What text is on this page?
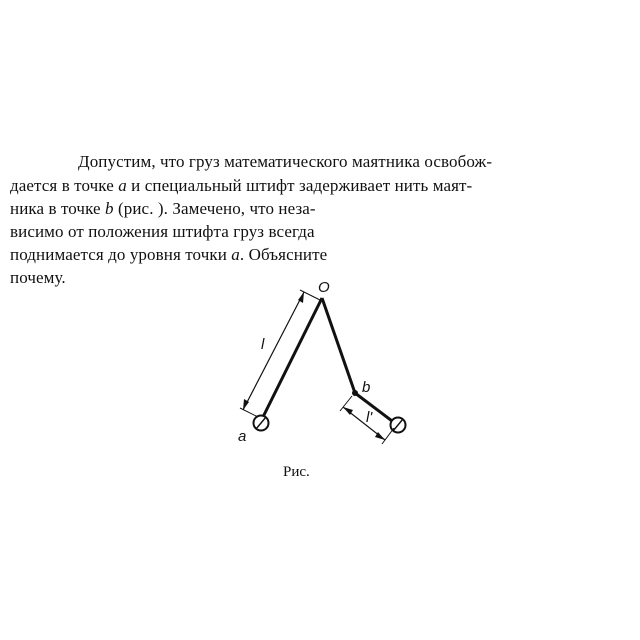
Допустим, что груз математического маятника освобож-
дается в точке a и специальный штифт задерживает нить маят-
ника в точке b (рис. ). Замечено, что неза-
висимо от положения штифта груз всегда
поднимается до уровня точки a. Объясните
почему.
O
a
b
l
l'
Рис.
